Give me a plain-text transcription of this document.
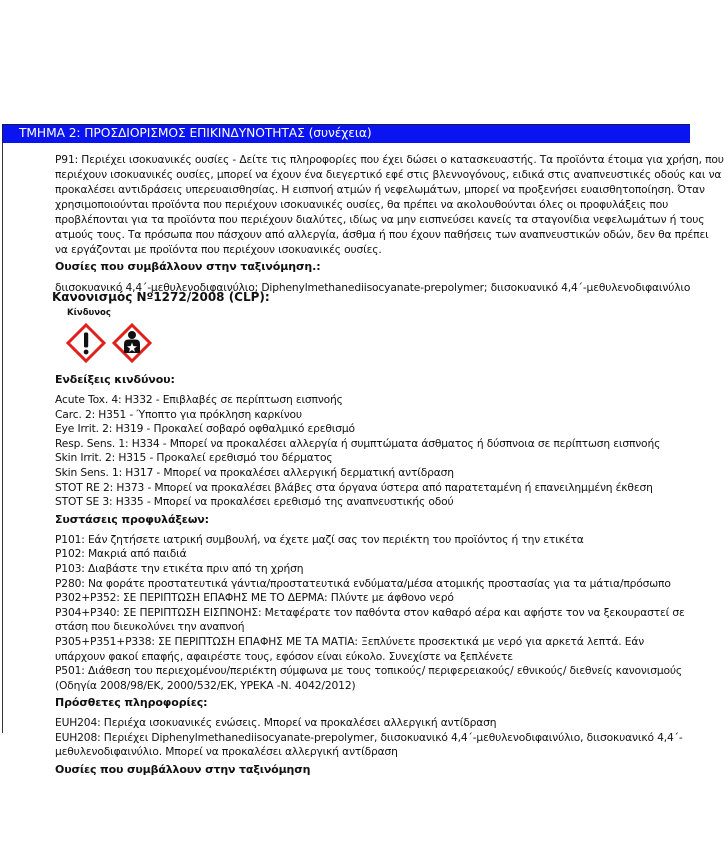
ΤΜΗΜΑ 2: ΠΡΟΣΔΙΟΡΙΣΜΟΣ ΕΠΙΚΙΝΔΥΝΟΤΗΤΑΣ (συνέχεια)
P91: Περιέχει ισοκυανικές ουσίες - Δείτε τις πληροφορίες που έχει δώσει ο κατασκευαστής. Τα προϊόντα έτοιμα για χρήση, που
περιέχουν ισοκυανικές ουσίες, μπορεί να έχουν ένα διεγερτικό εφέ στις βλεννογόνους, ειδικά στις αναπνευστικές οδούς και να
προκαλέσει αντιδράσεις υπερευαισθησίας. Η εισπνοή ατμών ή νεφελωμάτων, μπορεί να προξενήσει ευαισθητοποίηση. Όταν
χρησιμοποιούνται προϊόντα που περιέχουν ισοκυανικές ουσίες, θα πρέπει να ακολουθούνται όλες οι προφυλάξεις που
προβλέπονται για τα προϊόντα που περιέχουν διαλύτες, ιδίως να μην εισπνεύσει κανείς τα σταγονίδια νεφελωμάτων ή τους
ατμούς τους. Τα πρόσωπα που πάσχουν από αλλεργία, άσθμα ή που έχουν παθήσεις των αναπνευστικών οδών, δεν θα πρέπει
να εργάζονται με προϊόντα που περιέχουν ισοκυανικές ουσίες.
Ουσίες που συμβάλλουν στην ταξινόμηση.:
διισοκυανικό 4,4΄-μεθυλενοδιφαινύλιο; Diphenylmethanediisocyanate-prepolymer; διισοκυανικό 4,4΄-μεθυλενοδιφαινύλιο
Κανονισμός Νº1272/2008 (CLP):
Κίνδυνος
Ενδείξεις κινδύνου:
Acute Tox. 4: H332 - Επιβλαβές σε περίπτωση εισπνοής
Carc. 2: H351 - Ύποπτο για πρόκληση καρκίνου
Eye Irrit. 2: H319 - Προκαλεί σοβαρό οφθαλμικό ερεθισμό
Resp. Sens. 1: H334 - Μπορεί να προκαλέσει αλλεργία ή συμπτώματα άσθματος ή δύσπνοια σε περίπτωση εισπνοής
Skin Irrit. 2: H315 - Προκαλεί ερεθισμό του δέρματος
Skin Sens. 1: H317 - Μπορεί να προκαλέσει αλλεργική δερματική αντίδραση
STOT RE 2: H373 - Μπορεί να προκαλέσει βλάβες στα όργανα ύστερα από παρατεταμένη ή επανειλημμένη έκθεση
STOT SE 3: H335 - Μπορεί να προκαλέσει ερεθισμό της αναπνευστικής οδού
Συστάσεις προφυλάξεων:
P101: Εάν ζητήσετε ιατρική συμβουλή, να έχετε μαζί σας τον περιέκτη του προϊόντος ή την ετικέτα
P102: Μακριά από παιδιά
P103: Διαβάστε την ετικέτα πριν από τη χρήση
P280: Να φοράτε προστατευτικά γάντια/προστατευτικά ενδύματα/μέσα ατομικής προστασίας για τα μάτια/πρόσωπο
P302+P352: ΣΕ ΠΕΡΙΠΤΩΣΗ ΕΠΑΦΗΣ ΜΕ ΤΟ ΔΕΡΜΑ: Πλύντε με άφθονο νερό
P304+P340: ΣΕ ΠΕΡΙΠΤΩΣΗ ΕΙΣΠΝΟΗΣ: Μεταφέρατε τον παθόντα στον καθαρό αέρα και αφήστε τον να ξεκουραστεί σε στάση που διευκολύνει την αναπνοή
P305+P351+P338: ΣΕ ΠΕΡΙΠΤΩΣΗ ΕΠΑΦΗΣ ΜΕ ΤΑ ΜΑΤΙΑ: Ξεπλύνετε προσεκτικά με νερό για αρκετά λεπτά. Εάν υπάρχουν φακοί επαφής, αφαιρέστε τους, εφόσον είναι εύκολο. Συνεχίστε να ξεπλένετε
P501: Διάθεση του περιεχομένου/περιέκτη σύμφωνα με τους τοπικούς/ περιφερειακούς/ εθνικούς/ διεθνείς κανονισμούς (Οδηγία 2008/98/ΕΚ, 2000/532/ΕΚ, ΥΡΕΚΑ -Ν. 4042/2012)
Πρόσθετες πληροφορίες:
EUH204: Περιέχα ισοκυανικές ενώσεις. Μπορεί να προκαλέσει αλλεργική αντίδραση
EUH208: Περιέχει Diphenylmethanediisocyanate-prepolymer, διισοκυανικό 4,4΄-μεθυλενοδιφαινύλιο, διισοκυανικό 4,4΄-μεθυλενοδιφαινύλιο. Μπορεί να προκαλέσει αλλεργική αντίδραση
Ουσίες που συμβάλλουν στην ταξινόμηση
